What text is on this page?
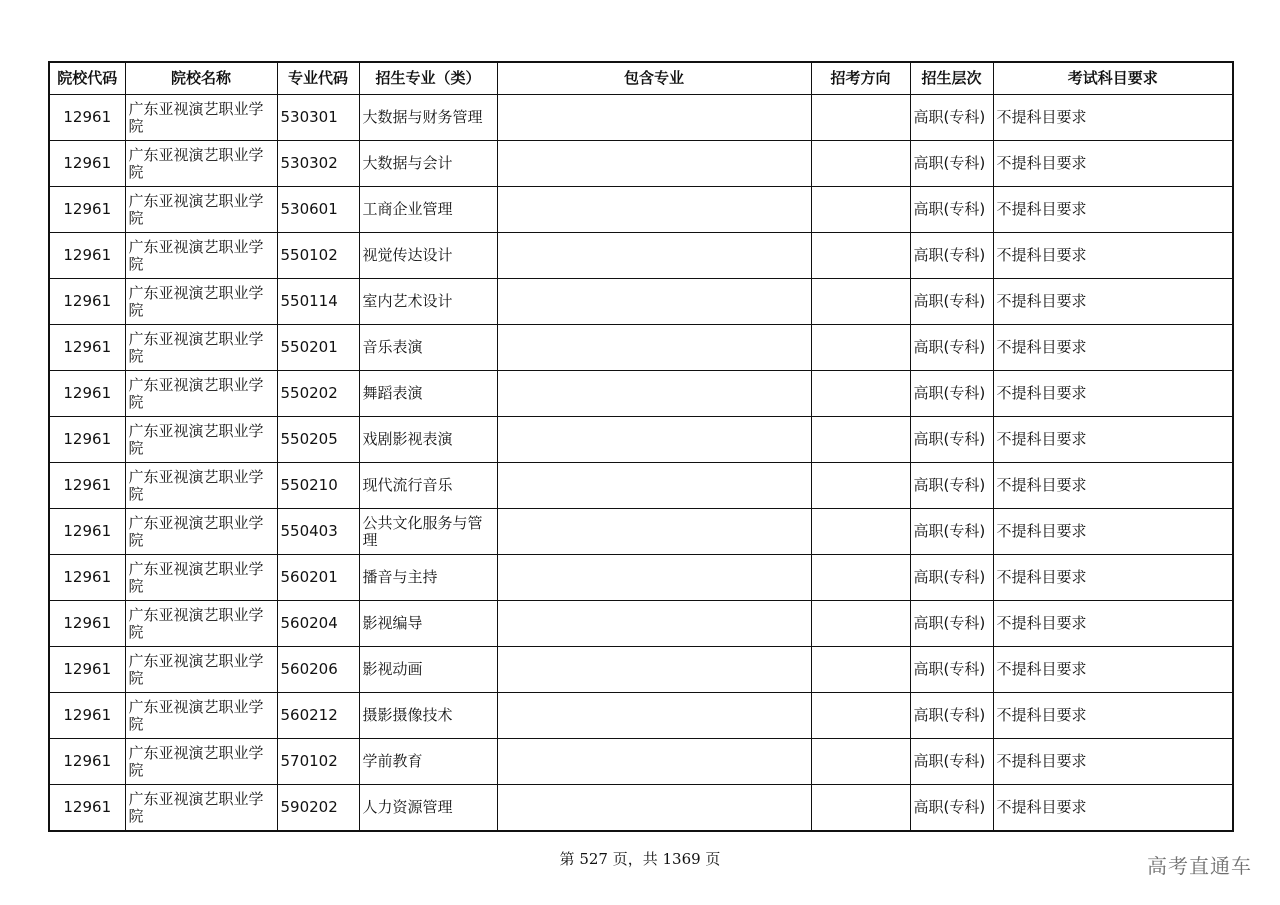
院校代码	院校名称	专业代码	招生专业（类）	包含专业	招考方向	招生层次	考试科目要求
12961	广东亚视演艺职业学院	530301	大数据与财务管理			高职(专科)	不提科目要求
12961	广东亚视演艺职业学院	530302	大数据与会计			高职(专科)	不提科目要求
12961	广东亚视演艺职业学院	530601	工商企业管理			高职(专科)	不提科目要求
12961	广东亚视演艺职业学院	550102	视觉传达设计			高职(专科)	不提科目要求
12961	广东亚视演艺职业学院	550114	室内艺术设计			高职(专科)	不提科目要求
12961	广东亚视演艺职业学院	550201	音乐表演			高职(专科)	不提科目要求
12961	广东亚视演艺职业学院	550202	舞蹈表演			高职(专科)	不提科目要求
12961	广东亚视演艺职业学院	550205	戏剧影视表演			高职(专科)	不提科目要求
12961	广东亚视演艺职业学院	550210	现代流行音乐			高职(专科)	不提科目要求
12961	广东亚视演艺职业学院	550403	公共文化服务与管理			高职(专科)	不提科目要求
12961	广东亚视演艺职业学院	560201	播音与主持			高职(专科)	不提科目要求
12961	广东亚视演艺职业学院	560204	影视编导			高职(专科)	不提科目要求
12961	广东亚视演艺职业学院	560206	影视动画			高职(专科)	不提科目要求
12961	广东亚视演艺职业学院	560212	摄影摄像技术			高职(专科)	不提科目要求
12961	广东亚视演艺职业学院	570102	学前教育			高职(专科)	不提科目要求
12961	广东亚视演艺职业学院	590202	人力资源管理			高职(专科)	不提科目要求
第 527 页，共 1369 页	高考直通车
